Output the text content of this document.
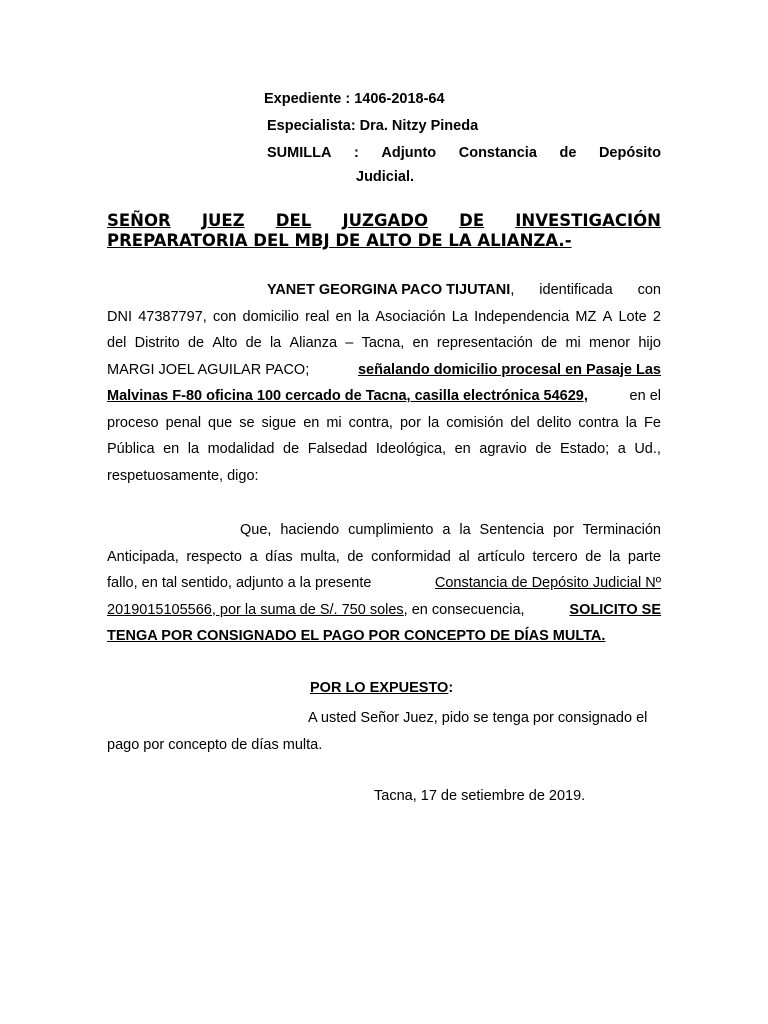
Expediente : 1406-2018-64
Especialista: Dra. Nitzy Pineda
SUMILLA : Adjunto Constancia de Depósito
Judicial.
SEÑOR JUEZ DEL JUZGADO DE INVESTIGACIÓN
PREPARATORIA DEL MBJ DE ALTO DE LA ALIANZA.-
YANET GEORGINA PACO TIJUTANI, identificada con
DNI 47387797, con domicilio real en la Asociación La Independencia MZ A Lote 2
del Distrito de Alto de la Alianza – Tacna, en representación de mi menor hijo
MARGI JOEL AGUILAR PACO;	señalando domicilio procesal en Pasaje Las
Malvinas F-80 oficina 100 cercado de Tacna, casilla electrónica 54629,	en el
proceso penal que se sigue en mi contra, por la comisión del delito contra la Fe
Pública en la modalidad de Falsedad Ideológica, en agravio de Estado; a Ud.,
respetuosamente, digo:
Que, haciendo cumplimiento a la Sentencia por Terminación
Anticipada, respecto a días multa, de conformidad al artículo tercero de la parte
fallo, en tal sentido, adjunto a la presente	Constancia de Depósito Judicial Nº
2019015105566, por la suma de S/. 750 soles, en consecuencia,	SOLICITO SE
TENGA POR CONSIGNADO EL PAGO POR CONCEPTO DE DÍAS MULTA.
POR LO EXPUESTO:
A usted Señor Juez, pido se tenga por consignado el
pago por concepto de días multa.
Tacna, 17 de setiembre de 2019.
